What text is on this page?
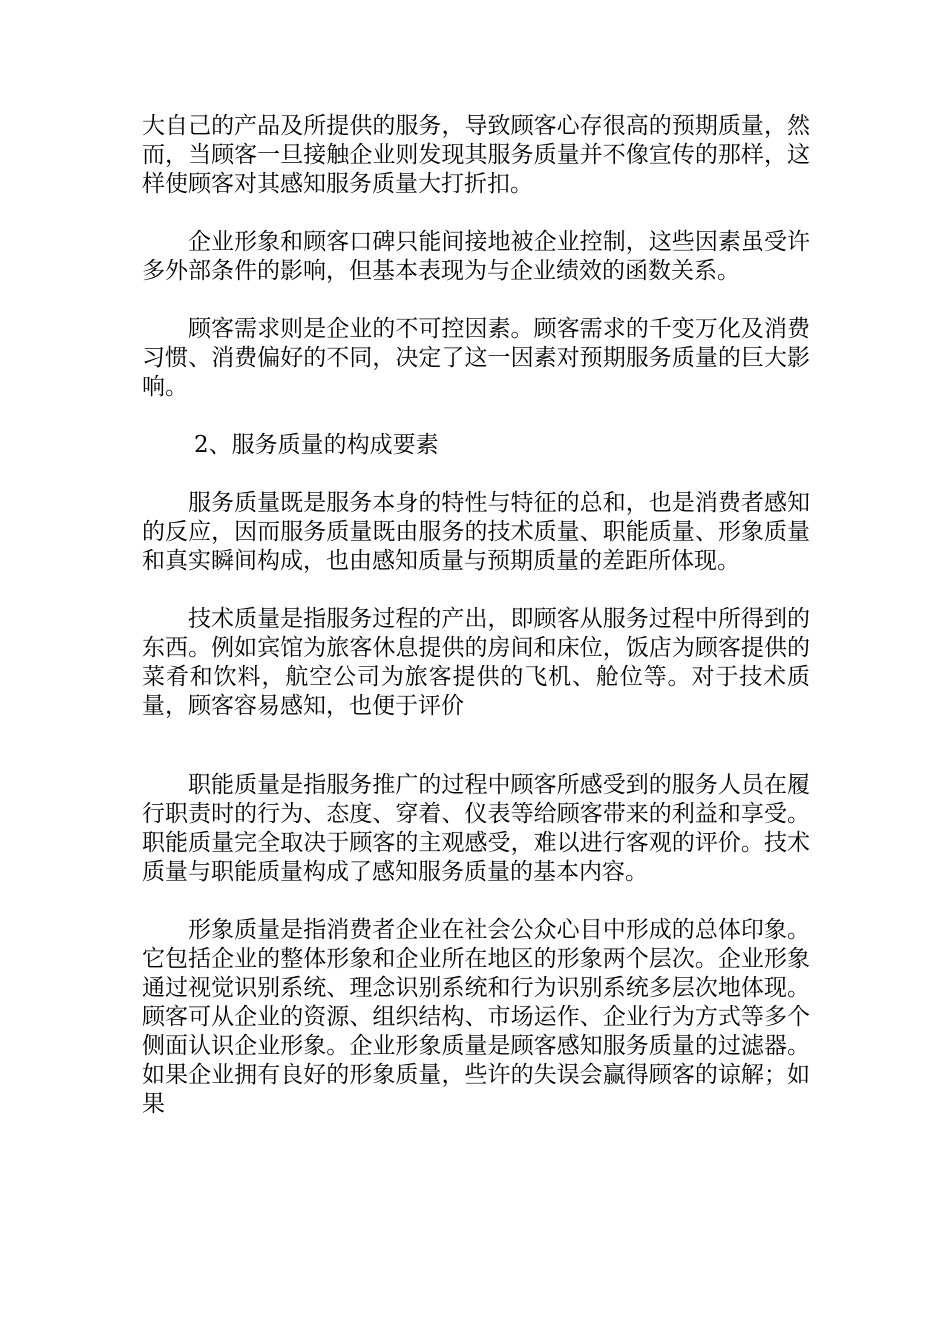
大自己的产品及所提供的服务，导致顾客心存很高的预期质量，然而，当顾客一旦接触企业则发现其服务质量并不像宣传的那样，这样使顾客对其感知服务质量大打折扣。

企业形象和顾客口碑只能间接地被企业控制，这些因素虽受许多外部条件的影响，但基本表现为与企业绩效的函数关系。

顾客需求则是企业的不可控因素。顾客需求的千变万化及消费习惯、消费偏好的不同，决定了这一因素对预期服务质量的巨大影响。

2、服务质量的构成要素

服务质量既是服务本身的特性与特征的总和，也是消费者感知的反应，因而服务质量既由服务的技术质量、职能质量、形象质量和真实瞬间构成，也由感知质量与预期质量的差距所体现。

技术质量是指服务过程的产出，即顾客从服务过程中所得到的东西。例如宾馆为旅客休息提供的房间和床位，饭店为顾客提供的菜肴和饮料，航空公司为旅客提供的飞机、舱位等。对于技术质量，顾客容易感知，也便于评价

职能质量是指服务推广的过程中顾客所感受到的服务人员在履行职责时的行为、态度、穿着、仪表等给顾客带来的利益和享受。职能质量完全取决于顾客的主观感受，难以进行客观的评价。技术质量与职能质量构成了感知服务质量的基本内容。

形象质量是指消费者企业在社会公众心目中形成的总体印象。它包括企业的整体形象和企业所在地区的形象两个层次。企业形象通过视觉识别系统、理念识别系统和行为识别系统多层次地体现。顾客可从企业的资源、组织结构、市场运作、企业行为方式等多个侧面认识企业形象。企业形象质量是顾客感知服务质量的过滤器。如果企业拥有良好的形象质量，些许的失误会赢得顾客的谅解；如果
